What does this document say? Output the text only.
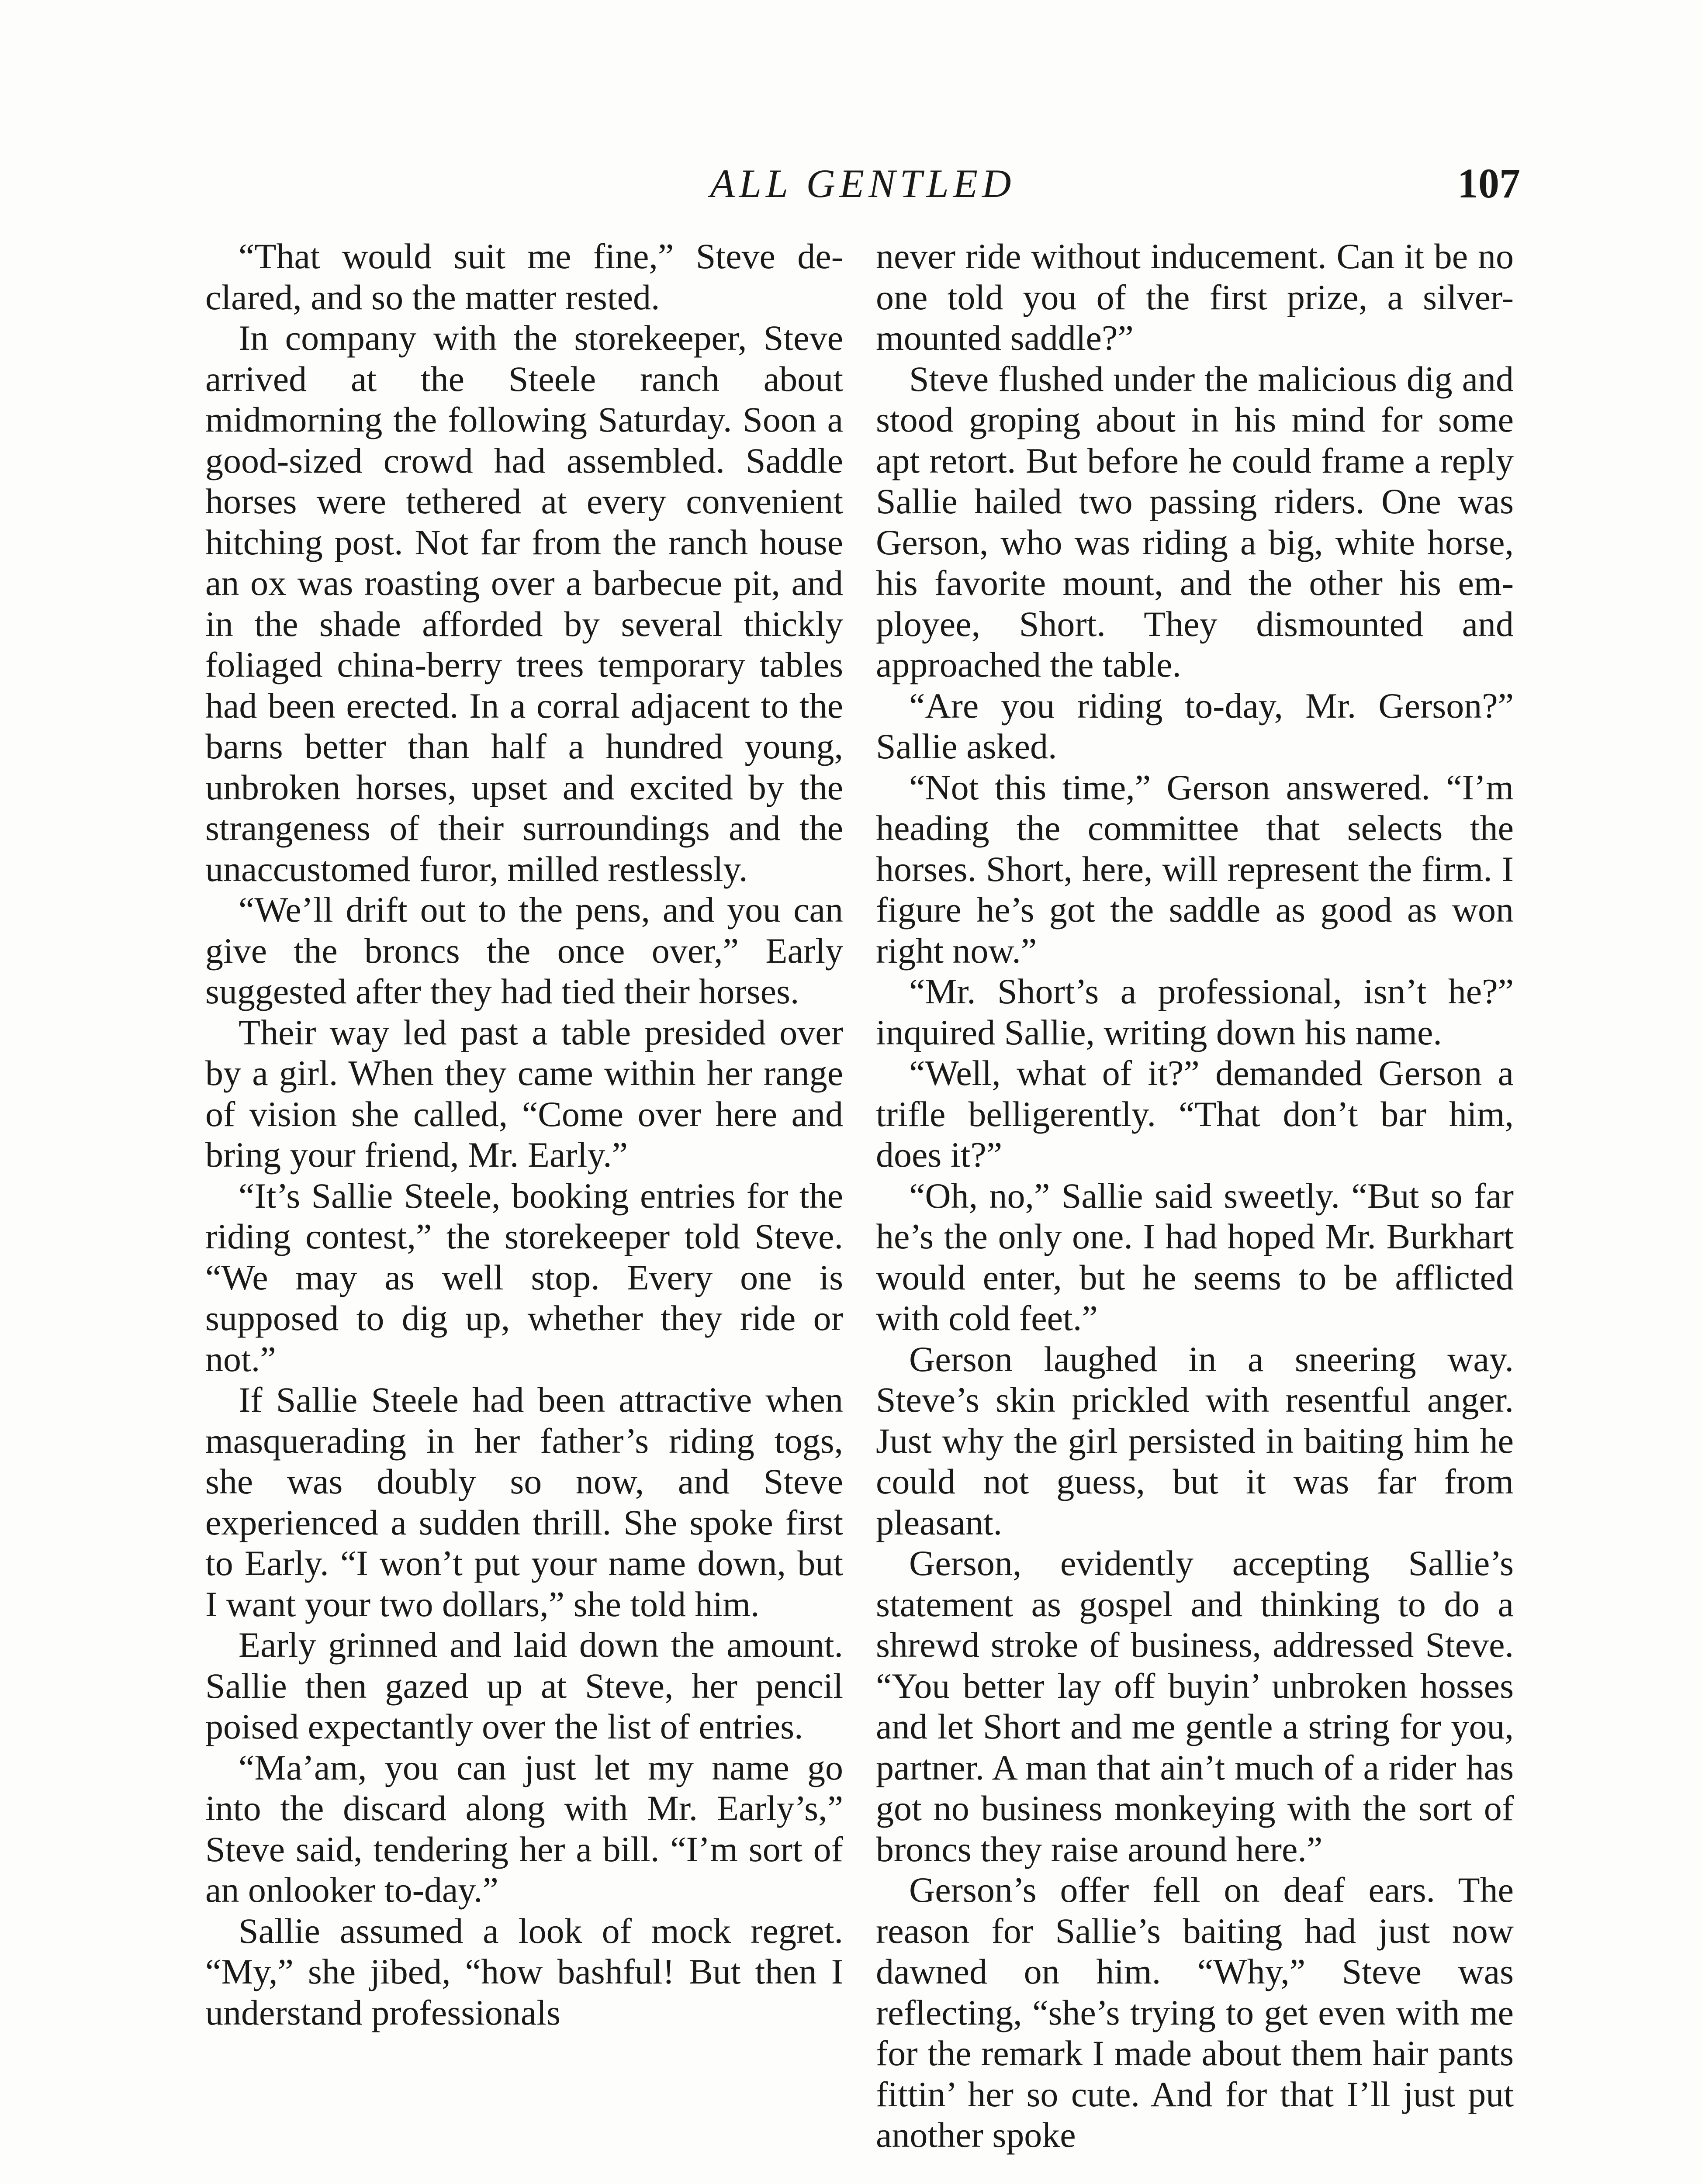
ALL GENTLED	107

“That would suit me fine,” Steve declared, and so the matter rested.

In company with the storekeeper, Steve arrived at the Steele ranch about midmorning the following Saturday. Soon a good-sized crowd had assembled. Saddle horses were tethered at every convenient hitching post. Not far from the ranch house an ox was roasting over a barbecue pit, and in the shade afforded by several thickly foliaged china-berry trees temporary tables had been erected. In a corral adjacent to the barns better than half a hundred young, unbroken horses, upset and excited by the strangeness of their surroundings and the unaccustomed furor, milled restlessly.

“We’ll drift out to the pens, and you can give the broncs the once over,” Early suggested after they had tied their horses.

Their way led past a table presided over by a girl. When they came within her range of vision she called, “Come over here and bring your friend, Mr. Early.”

“It’s Sallie Steele, booking entries for the riding contest,” the storekeeper told Steve. “We may as well stop. Every one is supposed to dig up, whether they ride or not.”

If Sallie Steele had been attractive when masquerading in her father’s riding togs, she was doubly so now, and Steve experienced a sudden thrill. She spoke first to Early. “I won’t put your name down, but I want your two dollars,” she told him.

Early grinned and laid down the amount. Sallie then gazed up at Steve, her pencil poised expectantly over the list of entries.

“Ma’am, you can just let my name go into the discard along with Mr. Early’s,” Steve said, tendering her a bill. “I’m sort of an onlooker to-day.”

Sallie assumed a look of mock regret. “My,” she jibed, “how bashful! But then I understand professionals

never ride without inducement. Can it be no one told you of the first prize, a silver-mounted saddle?”

Steve flushed under the malicious dig and stood groping about in his mind for some apt retort. But before he could frame a reply Sallie hailed two passing riders. One was Gerson, who was riding a big, white horse, his favorite mount, and the other his employee, Short. They dismounted and approached the table.

“Are you riding to-day, Mr. Gerson?” Sallie asked.

“Not this time,” Gerson answered. “I’m heading the committee that selects the horses. Short, here, will represent the firm. I figure he’s got the saddle as good as won right now.”

“Mr. Short’s a professional, isn’t he?” inquired Sallie, writing down his name.

“Well, what of it?” demanded Gerson a trifle belligerently. “That don’t bar him, does it?”

“Oh, no,” Sallie said sweetly. “But so far he’s the only one. I had hoped Mr. Burkhart would enter, but he seems to be afflicted with cold feet.”

Gerson laughed in a sneering way. Steve’s skin prickled with resentful anger. Just why the girl persisted in baiting him he could not guess, but it was far from pleasant.

Gerson, evidently accepting Sallie’s statement as gospel and thinking to do a shrewd stroke of business, addressed Steve. “You better lay off buyin’ unbroken hosses and let Short and me gentle a string for you, partner. A man that ain’t much of a rider has got no business monkeying with the sort of broncs they raise around here.”

Gerson’s offer fell on deaf ears. The reason for Sallie’s baiting had just now dawned on him. “Why,” Steve was reflecting, “she’s trying to get even with me for the remark I made about them hair pants fittin’ her so cute. And for that I’ll just put another spoke
